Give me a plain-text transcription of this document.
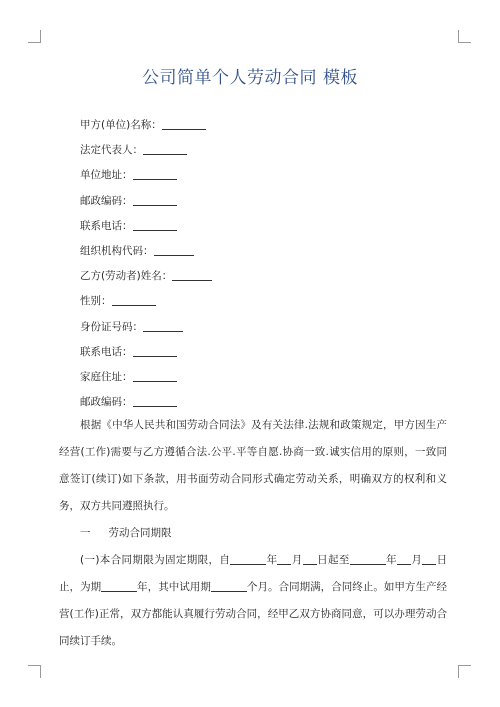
公司简单个人劳动合同 模板
甲方(单位)名称：
法定代表人：
单位地址：
邮政编码：
联系电话：
组织机构代码：
乙方(劳动者)姓名：
性别：
身份证号码：
联系电话：
家庭住址：
邮政编码：

根据《中华人民共和国劳动合同法》及有关法律.法规和政策规定，甲方因生产经营(工作)需要与乙方遵循合法.公平.平等自愿.协商一致.诚实信用的原则，一致同意签订(续订)如下条款，用书面劳动合同形式确定劳动关系，明确双方的权利和义务，双方共同遵照执行。

一 劳动合同期限

(一)本合同期限为固定期限，自	年 月 日起至	年 月 日止，为期	年，其中试用期	个月。合同期满，合同终止。如甲方生产经营(工作)正常，双方都能认真履行劳动合同，经甲乙双方协商同意，可以办理劳动合同续订手续。
